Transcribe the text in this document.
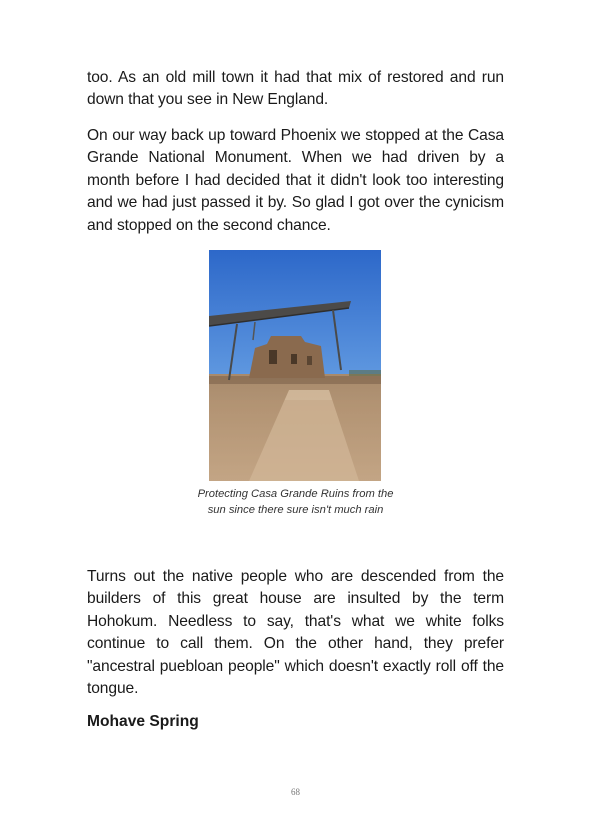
too. As an old mill town it had that mix of restored and run down that you see in New England.

On our way back up toward Phoenix we stopped at the Casa Grande National Monument. When we had driven by a month before I had decided that it didn't look too interesting and we had just passed it by. So glad I got over the cynicism and stopped on the second chance.

Protecting Casa Grande Ruins from the sun since there sure isn't much rain

Turns out the native people who are descended from the builders of this great house are insulted by the term Hohokum. Needless to say, that's what we white folks continue to call them. On the other hand, they prefer "ancestral puebloan people" which doesn't exactly roll off the tongue.

Mohave Spring

68
